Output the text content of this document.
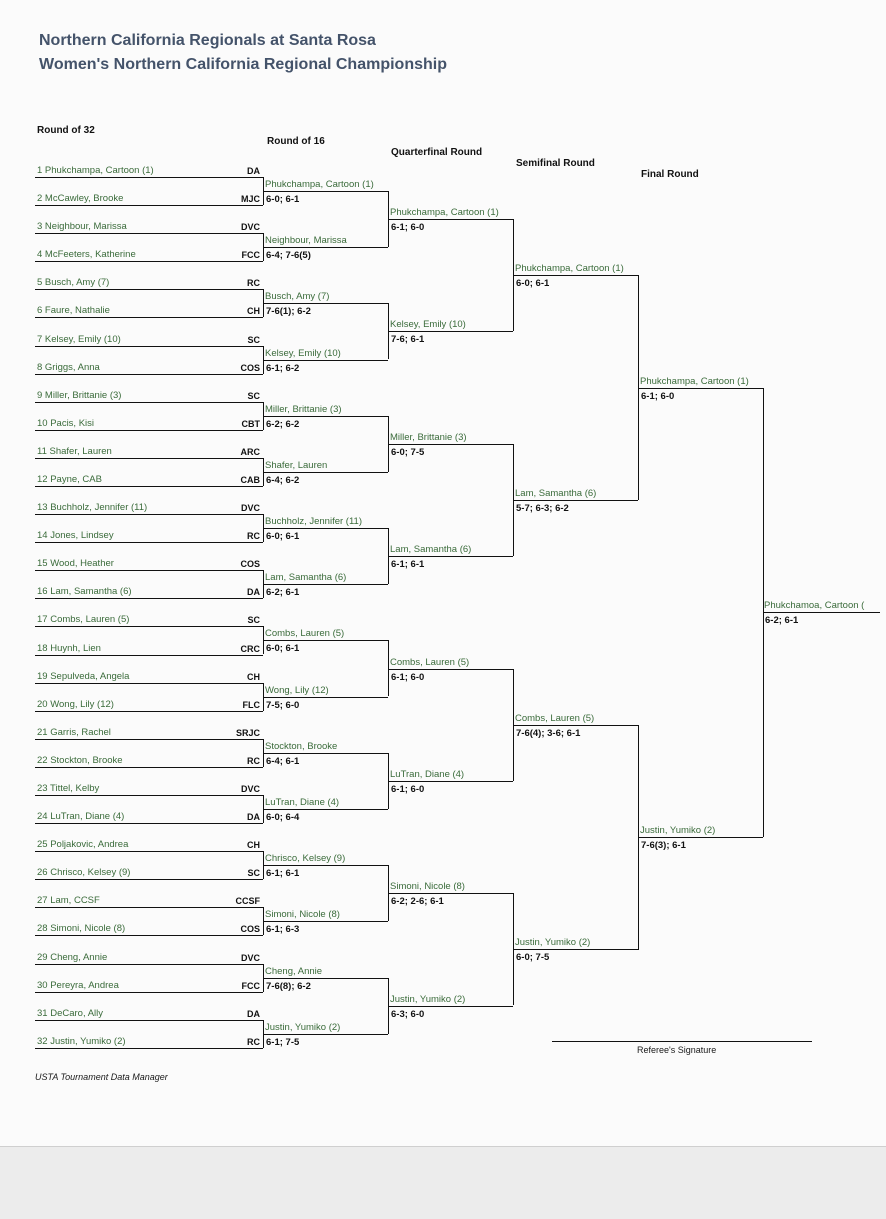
Northern California Regionals at Santa Rosa
Women's Northern California Regional Championship
Round of 32
Round of 16
Quarterfinal Round
Semifinal Round
Final Round
1 Phukchampa, Cartoon (1)	DA
2 McCawley, Brooke	MJC
3 Neighbour, Marissa	DVC
4 McFeeters, Katherine	FCC
5 Busch, Amy (7)	RC
6 Faure, Nathalie	CH
7 Kelsey, Emily (10)	SC
8 Griggs, Anna	COS
9 Miller, Brittanie (3)	SC
10 Pacis, Kisi	CBT
11 Shafer, Lauren	ARC
12 Payne, CAB	CAB
13 Buchholz, Jennifer (11)	DVC
14 Jones, Lindsey	RC
15 Wood, Heather	COS
16 Lam, Samantha (6)	DA
17 Combs, Lauren (5)	SC
18 Huynh, Lien	CRC
19 Sepulveda, Angela	CH
20 Wong, Lily (12)	FLC
21 Garris, Rachel	SRJC
22 Stockton, Brooke	RC
23 Tittel, Kelby	DVC
24 LuTran, Diane (4)	DA
25 Poljakovic, Andrea	CH
26 Chrisco, Kelsey (9)	SC
27 Lam, CCSF	CCSF
28 Simoni, Nicole (8)	COS
29 Cheng, Annie	DVC
30 Pereyra, Andrea	FCC
31 DeCaro, Ally	DA
32 Justin, Yumiko (2)	RC
Phukchampa, Cartoon (1)
6-0; 6-1
Neighbour, Marissa
6-4; 7-6(5)
Busch, Amy (7)
7-6(1); 6-2
Kelsey, Emily (10)
6-1; 6-2
Miller, Brittanie (3)
6-2; 6-2
Shafer, Lauren
6-4; 6-2
Buchholz, Jennifer (11)
6-0; 6-1
Lam, Samantha (6)
6-2; 6-1
Combs, Lauren (5)
6-0; 6-1
Wong, Lily (12)
7-5; 6-0
Stockton, Brooke
6-4; 6-1
LuTran, Diane (4)
6-0; 6-4
Chrisco, Kelsey (9)
6-1; 6-1
Simoni, Nicole (8)
6-1; 6-3
Cheng, Annie
7-6(8); 6-2
Justin, Yumiko (2)
6-1; 7-5
Phukchampa, Cartoon (1)
6-1; 6-0
Kelsey, Emily (10)
7-6; 6-1
Miller, Brittanie (3)
6-0; 7-5
Lam, Samantha (6)
6-1; 6-1
Combs, Lauren (5)
6-1; 6-0
LuTran, Diane (4)
6-1; 6-0
Simoni, Nicole (8)
6-2; 2-6; 6-1
Justin, Yumiko (2)
6-3; 6-0
Phukchampa, Cartoon (1)
6-0; 6-1
Lam, Samantha (6)
5-7; 6-3; 6-2
Combs, Lauren (5)
7-6(4); 3-6; 6-1
Justin, Yumiko (2)
6-0; 7-5
Phukchampa, Cartoon (1)
6-1; 6-0
Justin, Yumiko (2)
7-6(3); 6-1
Phukchamoa, Cartoon (
6-2; 6-1
Referee's Signature
USTA Tournament Data Manager
